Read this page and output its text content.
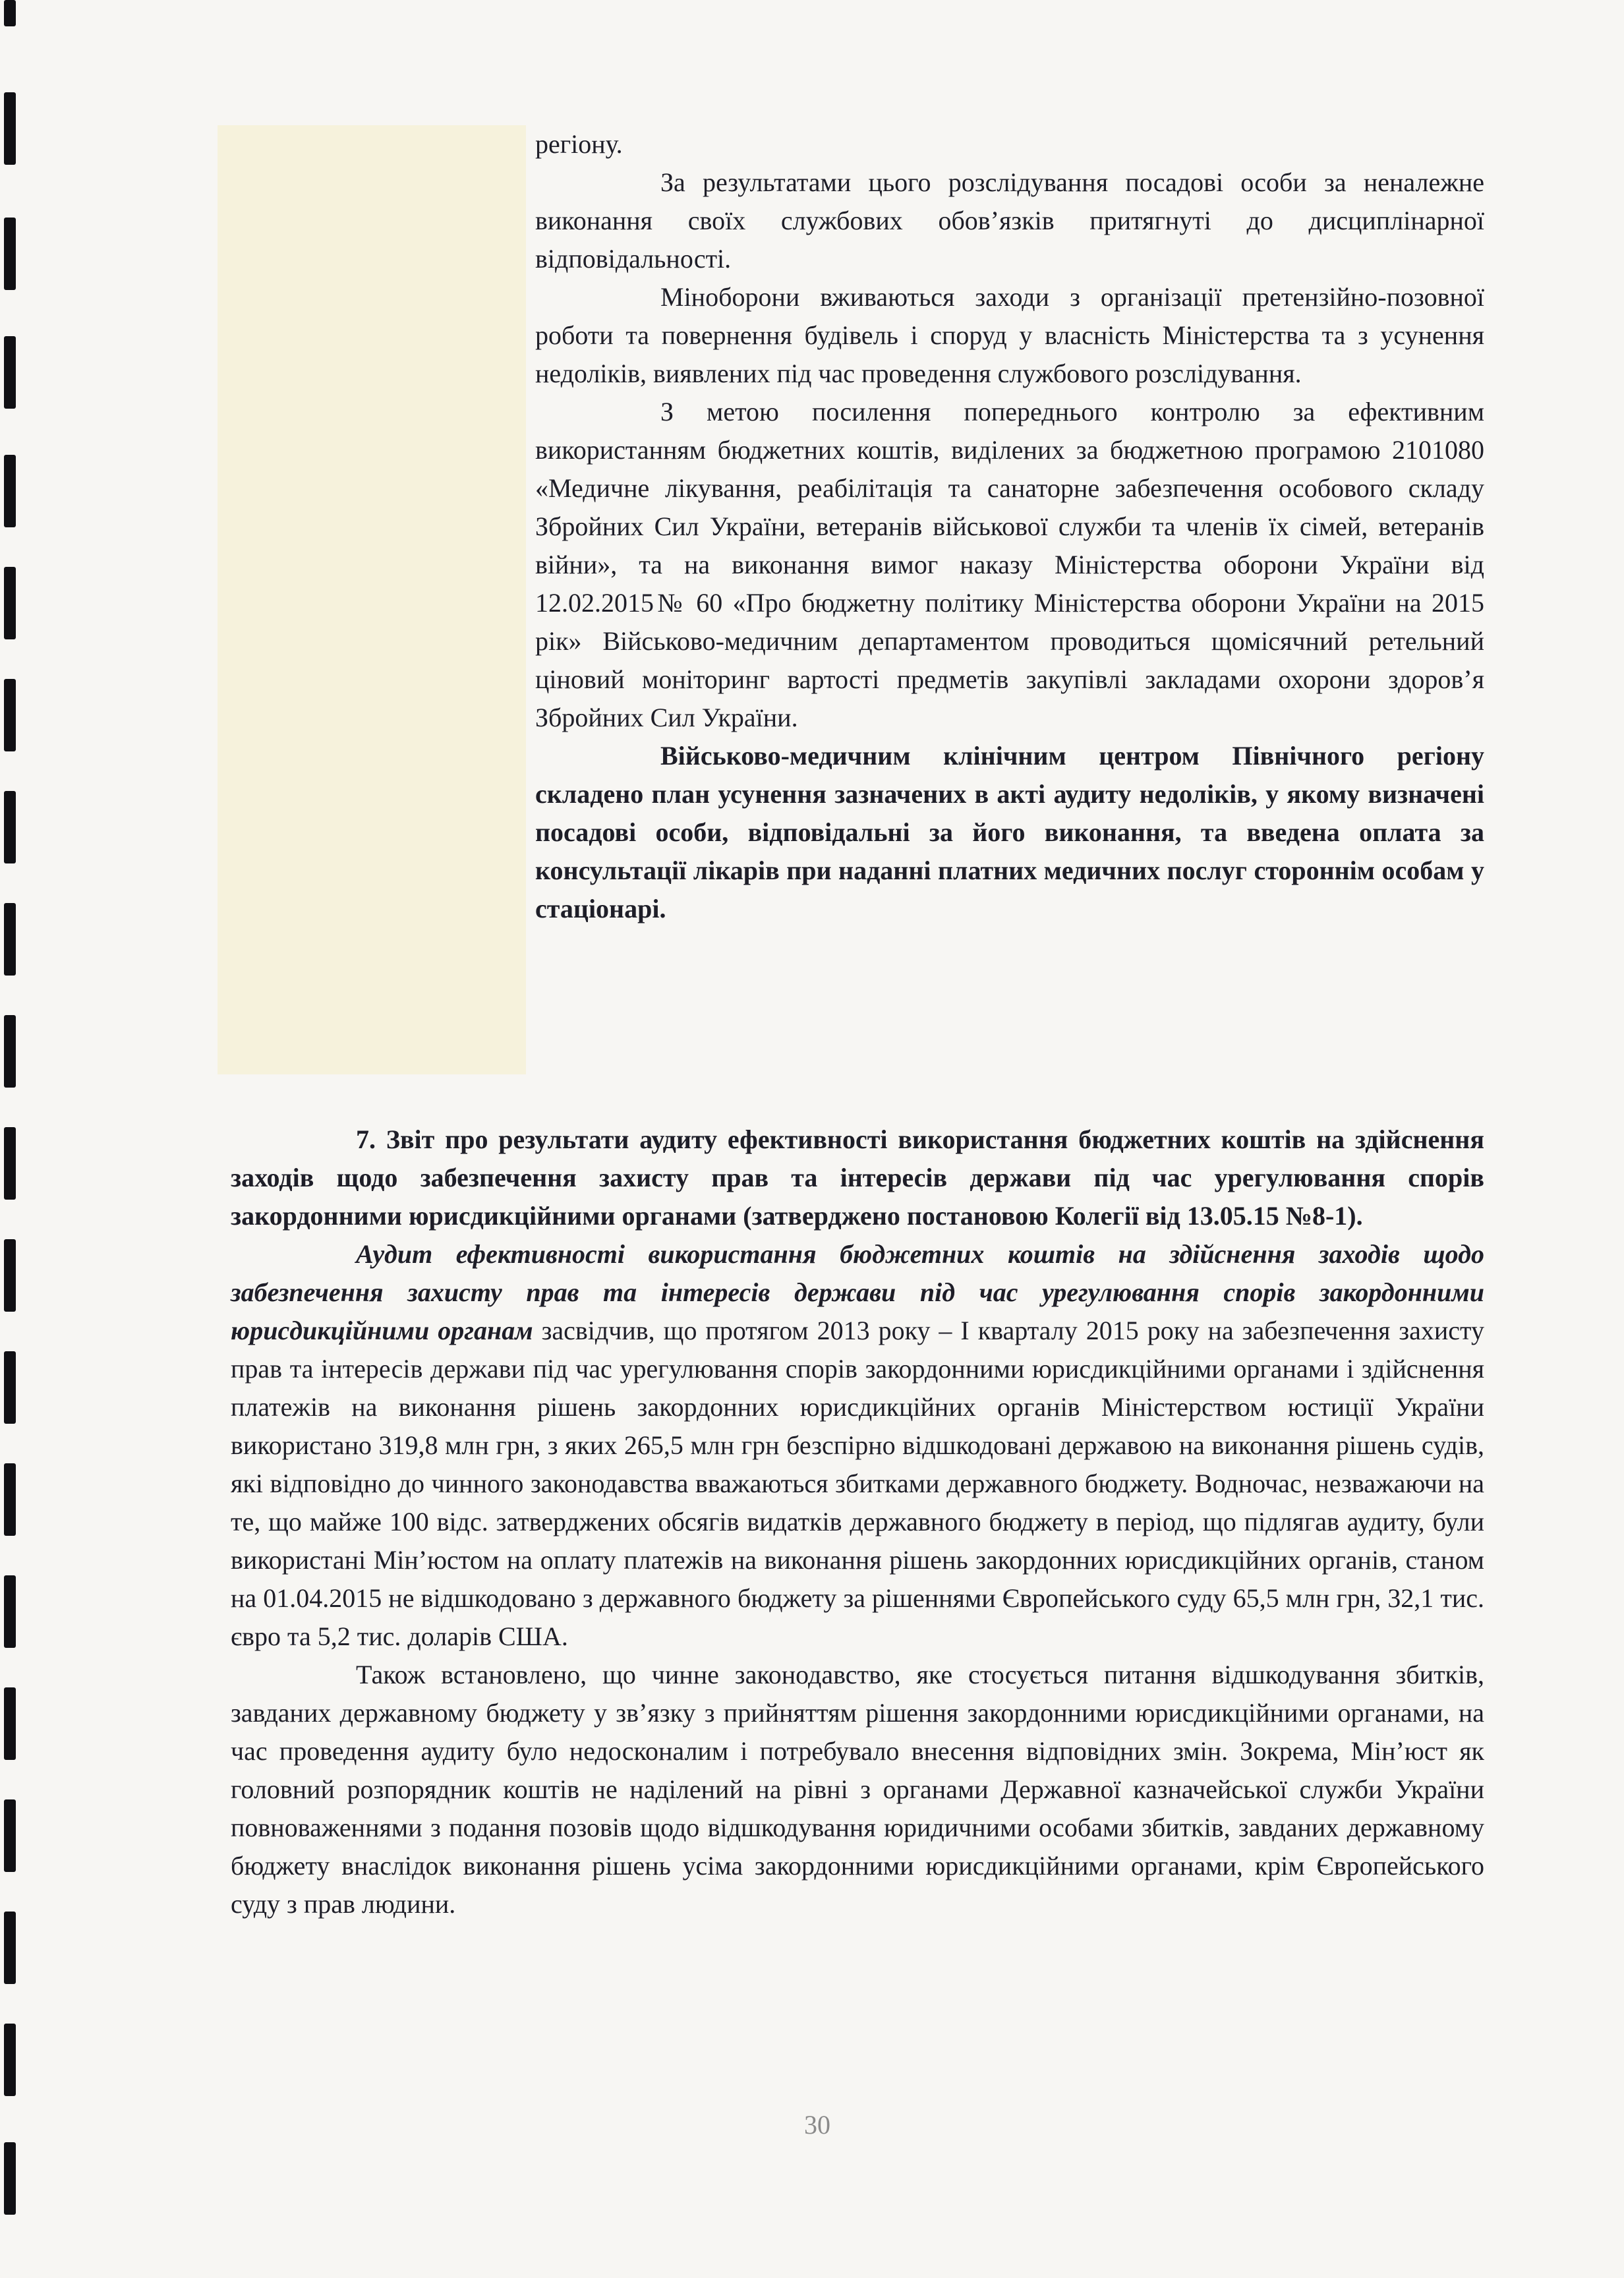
регіону.

За результатами цього розслідування посадові особи за неналежне виконання своїх службових обов’язків притягнуті до дисциплінарної відповідальності.

Міноборони вживаються заходи з організації претензійно-позовної роботи та повернення будівель і споруд у власність Міністерства та з усунення недоліків, виявлених під час проведення службового розслідування.

З метою посилення попереднього контролю за ефективним використанням бюджетних коштів, виділених за бюджетною програмою 2101080 «Медичне лікування, реабілітація та санаторне забезпечення особового складу Збройних Сил України, ветеранів військової служби та членів їх сімей, ветеранів війни», та на виконання вимог наказу Міністерства оборони України від 12.02.2015№ 60 «Про бюджетну політику Міністерства оборони України на 2015 рік» Військово-медичним департаментом проводиться щомісячний ретельний ціновий моніторинг вартості предметів закупівлі закладами охорони здоров’я Збройних Сил України.

Військово-медичним клінічним центром Північного регіону складено план усунення зазначених в акті аудиту недоліків, у якому визначені посадові особи, відповідальні за його виконання, та введена оплата за консультації лікарів при наданні платних медичних послуг стороннім особам у стаціонарі.

7. Звіт про результати аудиту ефективності використання бюджетних коштів на здійснення заходів щодо забезпечення захисту прав та інтересів держави під час урегулювання спорів закордонними юрисдикційними органами (затверджено постановою Колегії від 13.05.15 №8-1).

Аудит ефективності використання бюджетних коштів на здійснення заходів щодо забезпечення захисту прав та інтересів держави під час урегулювання спорів закордонними юрисдикційними органам засвідчив, що протягом 2013 року – І кварталу 2015 року на забезпечення захисту прав та інтересів держави під час урегулювання спорів закордонними юрисдикційними органами і здійснення платежів на виконання рішень закордонних юрисдикційних органів Міністерством юстиції України використано 319,8 млн грн, з яких 265,5 млн грн безспірно відшкодовані державою на виконання рішень судів, які відповідно до чинного законодавства вважаються збитками державного бюджету. Водночас, незважаючи на те, що майже 100 відс. затверджених обсягів видатків державного бюджету в період, що підлягав аудиту, були використані Мін’юстом на оплату платежів на виконання рішень закордонних юрисдикційних органів, станом на 01.04.2015 не відшкодовано з державного бюджету за рішеннями Європейського суду 65,5 млн грн, 32,1 тис. євро та 5,2 тис. доларів США.

Також встановлено, що чинне законодавство, яке стосується питання відшкодування збитків, завданих державному бюджету у зв’язку з прийняттям рішення закордонними юрисдикційними органами, на час проведення аудиту було недосконалим і потребувало внесення відповідних змін. Зокрема, Мін’юст як головний розпорядник коштів не наділений на рівні з органами Державної казначейської служби України повноваженнями з подання позовів щодо відшкодування юридичними особами збитків, завданих державному бюджету внаслідок виконання рішень усіма закордонними юрисдикційними органами, крім Європейського суду з прав людини.

30
